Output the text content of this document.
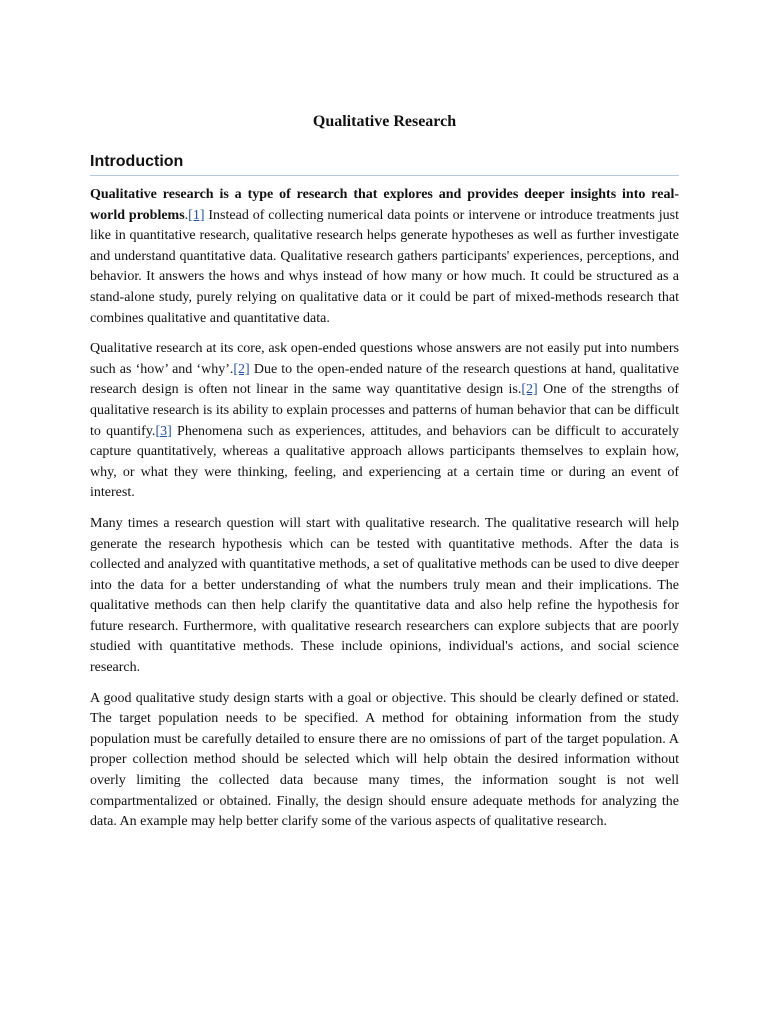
Qualitative Research
Introduction

Qualitative research is a type of research that explores and provides deeper insights into real-world problems.[1] Instead of collecting numerical data points or intervene or introduce treatments just like in quantitative research, qualitative research helps generate hypotheses as well as further investigate and understand quantitative data. Qualitative research gathers participants' experiences, perceptions, and behavior. It answers the hows and whys instead of how many or how much. It could be structured as a stand-alone study, purely relying on qualitative data or it could be part of mixed-methods research that combines qualitative and quantitative data.

Qualitative research at its core, ask open-ended questions whose answers are not easily put into numbers such as ‘how’ and ‘why’.[2] Due to the open-ended nature of the research questions at hand, qualitative research design is often not linear in the same way quantitative design is.[2] One of the strengths of qualitative research is its ability to explain processes and patterns of human behavior that can be difficult to quantify.[3] Phenomena such as experiences, attitudes, and behaviors can be difficult to accurately capture quantitatively, whereas a qualitative approach allows participants themselves to explain how, why, or what they were thinking, feeling, and experiencing at a certain time or during an event of interest.

Many times a research question will start with qualitative research. The qualitative research will help generate the research hypothesis which can be tested with quantitative methods. After the data is collected and analyzed with quantitative methods, a set of qualitative methods can be used to dive deeper into the data for a better understanding of what the numbers truly mean and their implications. The qualitative methods can then help clarify the quantitative data and also help refine the hypothesis for future research. Furthermore, with qualitative research researchers can explore subjects that are poorly studied with quantitative methods. These include opinions, individual's actions, and social science research.

A good qualitative study design starts with a goal or objective. This should be clearly defined or stated. The target population needs to be specified. A method for obtaining information from the study population must be carefully detailed to ensure there are no omissions of part of the target population. A proper collection method should be selected which will help obtain the desired information without overly limiting the collected data because many times, the information sought is not well compartmentalized or obtained. Finally, the design should ensure adequate methods for analyzing the data. An example may help better clarify some of the various aspects of qualitative research.
